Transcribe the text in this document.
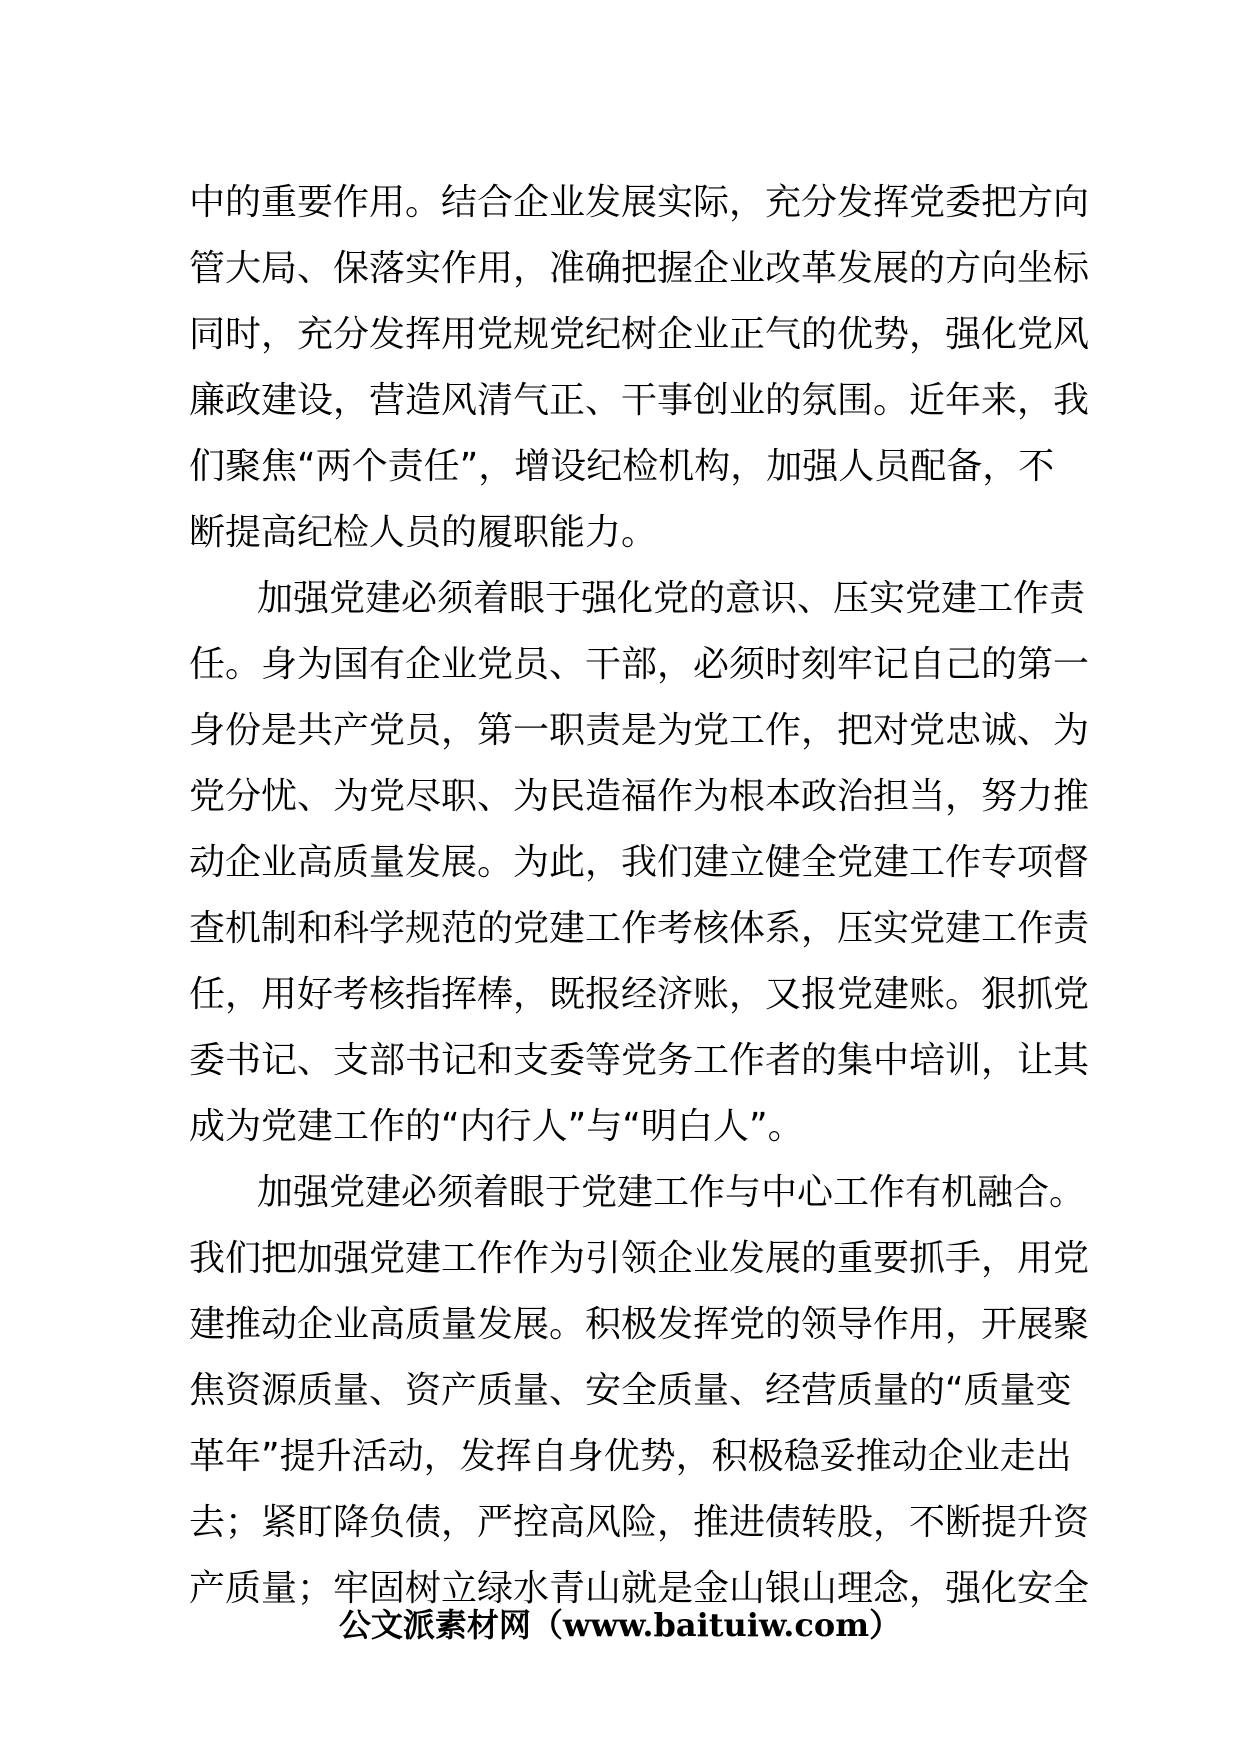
中的重要作用。结合企业发展实际，充分发挥党委把方向
管大局、保落实作用，准确把握企业改革发展的方向坐标
同时，充分发挥用党规党纪树企业正气的优势，强化党风
廉政建设，营造风清气正、干事创业的氛围。近年来，我
们聚焦“两个责任”，增设纪检机构，加强人员配备，不
断提高纪检人员的履职能力。
加强党建必须着眼于强化党的意识、压实党建工作责
任。身为国有企业党员、干部，必须时刻牢记自己的第一
身份是共产党员，第一职责是为党工作，把对党忠诚、为
党分忧、为党尽职、为民造福作为根本政治担当，努力推
动企业高质量发展。为此，我们建立健全党建工作专项督
查机制和科学规范的党建工作考核体系，压实党建工作责
任，用好考核指挥棒，既报经济账，又报党建账。狠抓党
委书记、支部书记和支委等党务工作者的集中培训，让其
成为党建工作的“内行人”与“明白人”。
加强党建必须着眼于党建工作与中心工作有机融合。
我们把加强党建工作作为引领企业发展的重要抓手，用党
建推动企业高质量发展。积极发挥党的领导作用，开展聚
焦资源质量、资产质量、安全质量、经营质量的“质量变
革年”提升活动，发挥自身优势，积极稳妥推动企业走出
去；紧盯降负债，严控高风险，推进债转股，不断提升资
产质量；牢固树立绿水青山就是金山银山理念，强化安全
公文派素材网（www.baituiw.com）
